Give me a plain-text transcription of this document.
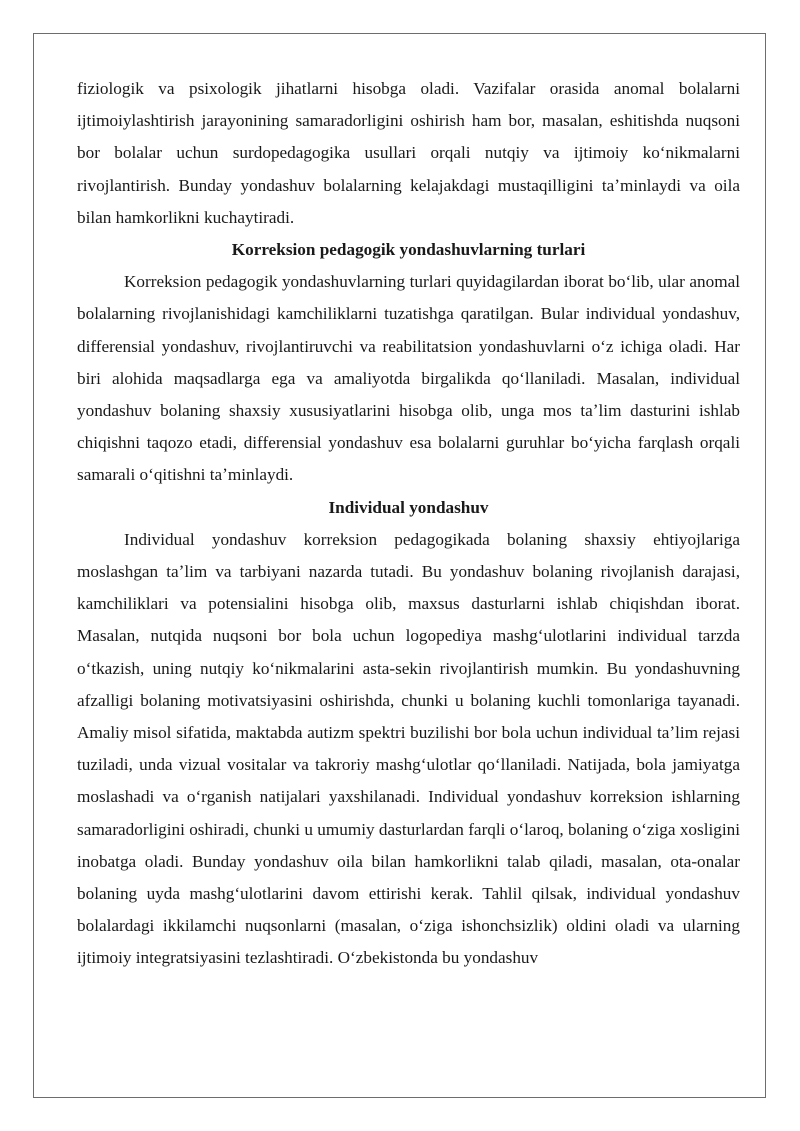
fiziologik va psixologik jihatlarni hisobga oladi. Vazifalar orasida anomal bolalarni ijtimoiylashtirish jarayonining samaradorligini oshirish ham bor, masalan, eshitishda nuqsoni bor bolalar uchun surdopedagogika usullari orqali nutqiy va ijtimoiy koʻnikmalarni rivojlantirish. Bunday yondashuv bolalarning kelajakdagi mustaqilligini taʼminlaydi va oila bilan hamkorlikni kuchaytiradi.

Korreksion pedagogik yondashuvlarning turlari

Korreksion pedagogik yondashuvlarning turlari quyidagilardan iborat boʻlib, ular anomal bolalarning rivojlanishidagi kamchiliklarni tuzatishga qaratilgan. Bular individual yondashuv, differensial yondashuv, rivojlantiruvchi va reabilitatsion yondashuvlarni oʻz ichiga oladi. Har biri alohida maqsadlarga ega va amaliyotda birgalikda qoʻllaniladi. Masalan, individual yondashuv bolaning shaxsiy xususiyatlarini hisobga olib, unga mos taʼlim dasturini ishlab chiqishni taqozo etadi, differensial yondashuv esa bolalarni guruhlar boʻyicha farqlash orqali samarali oʻqitishni taʼminlaydi.

Individual yondashuv

Individual yondashuv korreksion pedagogikada bolaning shaxsiy ehtiyojlariga moslashgan taʼlim va tarbiyani nazarda tutadi. Bu yondashuv bolaning rivojlanish darajasi, kamchiliklari va potensialini hisobga olib, maxsus dasturlarni ishlab chiqishdan iborat. Masalan, nutqida nuqsoni bor bola uchun logopediya mashgʻulotlarini individual tarzda oʻtkazish, uning nutqiy koʻnikmalarini asta-sekin rivojlantirish mumkin. Bu yondashuvning afzalligi bolaning motivatsiyasini oshirishda, chunki u bolaning kuchli tomonlariga tayanadi. Amaliy misol sifatida, maktabda autizm spektri buzilishi bor bola uchun individual taʼlim rejasi tuziladi, unda vizual vositalar va takroriy mashgʻulotlar qoʻllaniladi. Natijada, bola jamiyatga moslashadi va oʻrganish natijalari yaxshilanadi. Individual yondashuv korreksion ishlarning samaradorligini oshiradi, chunki u umumiy dasturlardan farqli oʻlaroq, bolaning oʻziga xosligini inobatga oladi. Bunday yondashuv oila bilan hamkorlikni talab qiladi, masalan, ota-onalar bolaning uyda mashgʻulotlarini davom ettirishi kerak. Tahlil qilsak, individual yondashuv bolalardagi ikkilamchi nuqsonlarni (masalan, oʻziga ishonchsizlik) oldini oladi va ularning ijtimoiy integratsiyasini tezlashtiradi. Oʻzbekistonda bu yondashuv
